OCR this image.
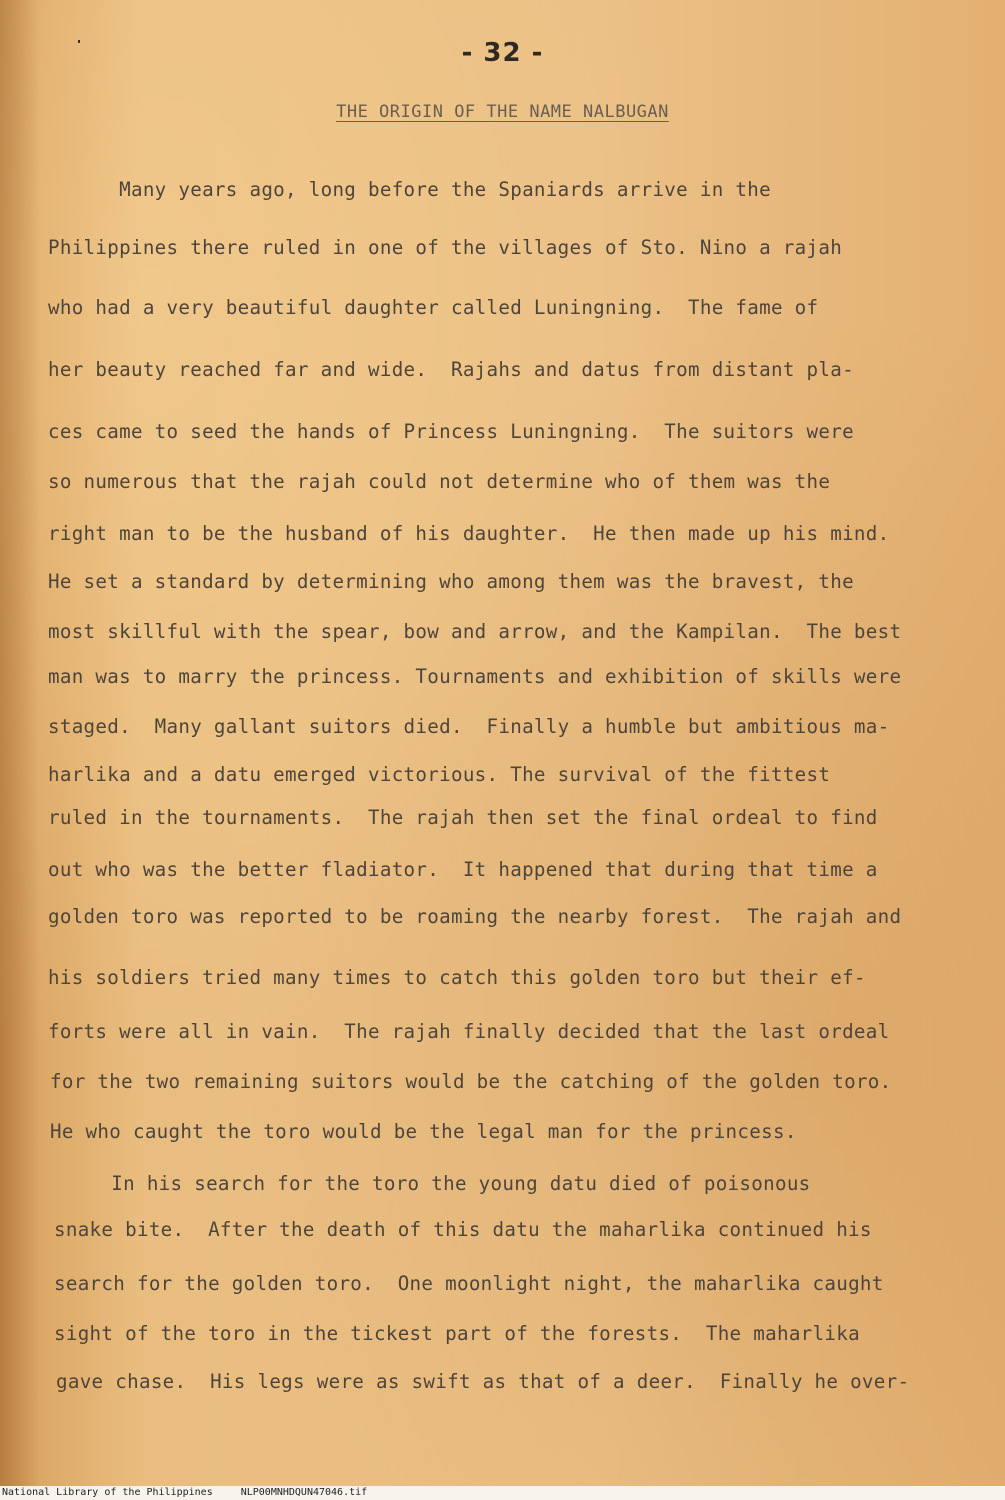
- 32 -
THE ORIGIN OF THE NAME NALBUGAN
Many years ago, long before the Spaniards arrive in the
Philippines there ruled in one of the villages of Sto. Nino a rajah
who had a very beautiful daughter called Luningning.  The fame of
her beauty reached far and wide.  Rajahs and datus from distant pla-
ces came to seed the hands of Princess Luningning.  The suitors were
so numerous that the rajah could not determine who of them was the
right man to be the husband of his daughter.  He then made up his mind.
He set a standard by determining who among them was the bravest, the
most skillful with the spear, bow and arrow, and the Kampilan.  The best
man was to marry the princess. Tournaments and exhibition of skills were
staged.  Many gallant suitors died.  Finally a humble but ambitious ma-
harlika and a datu emerged victorious. The survival of the fittest
ruled in the tournaments.  The rajah then set the final ordeal to find
out who was the better fladiator.  It happened that during that time a
golden toro was reported to be roaming the nearby forest.  The rajah and
his soldiers tried many times to catch this golden toro but their ef-
forts were all in vain.  The rajah finally decided that the last ordeal
for the two remaining suitors would be the catching of the golden toro.
He who caught the toro would be the legal man for the princess.
In his search for the toro the young datu died of poisonous
snake bite.  After the death of this datu the maharlika continued his
search for the golden toro.  One moonlight night, the maharlika caught
sight of the toro in the tickest part of the forests.  The maharlika
gave chase.  His legs were as swift as that of a deer.  Finally he over-
National Library of the Philippines	NLP00MNHDQUN47046.tif
